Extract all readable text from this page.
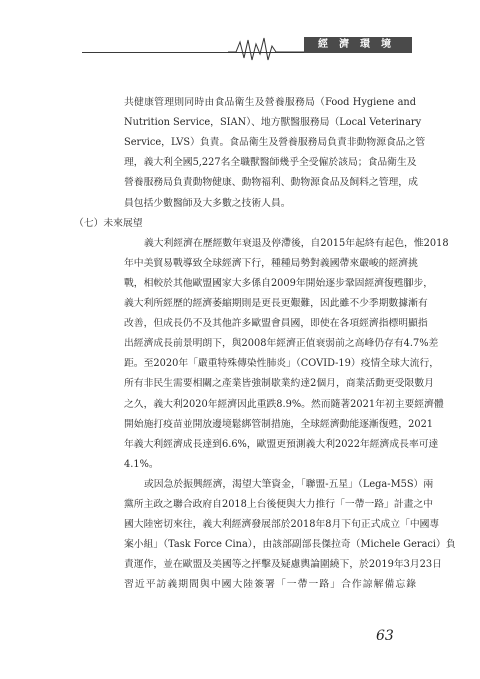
經濟環境
共健康管理則同時由食品衛生及營養服務局（Food Hygiene and
Nutrition Service，SIAN）、地方獸醫服務局（Local Veterinary
Service，LVS）負責。食品衛生及營養服務局負責非動物源食品之管
理，義大利全國5,227名全職獸醫師幾乎全受僱於該局；食品衛生及
營養服務局負責動物健康、動物福利、動物源食品及飼料之管理，成
員包括少數醫師及大多數之技術人員。
（七）未來展望
義大利經濟在歷經數年衰退及停滯後，自2015年起終有起色，惟2018
年中美貿易戰導致全球經濟下行，種種局勢對義國帶來嚴峻的經濟挑
戰，相較於其他歐盟國家大多係自2009年開始逐步鞏固經濟復甦腳步，
義大利所經歷的經濟萎縮期則是更長更艱難，因此雖不少季期數據漸有
改善，但成長仍不及其他許多歐盟會員國，即使在各項經濟指標明顯指
出經濟成長前景明朗下，與2008年經濟正值衰弱前之高峰仍存有4.7%差
距。至2020年「嚴重特殊傳染性肺炎」（COVID-19）疫情全球大流行，
所有非民生需要相關之產業皆強制歇業約達2個月，商業活動更受限數月
之久，義大利2020年經濟因此重跌8.9%。然而隨著2021年初主要經濟體
開始施打疫苗並開放邊境鬆綁管制措施，全球經濟動能逐漸復甦，2021
年義大利經濟成長達到6.6%，歐盟更預測義大利2022年經濟成長率可達
4.1%。
或因急於振興經濟，渴望大筆資金，「聯盟-五星」（Lega-M5S）兩
黨所主政之聯合政府自2018上台後便與大力推行「一帶一路」計畫之中
國大陸密切來往，義大利經濟發展部於2018年8月下旬正式成立「中國專
案小組」（Task Force Cina），由該部副部長傑拉奇（Michele Geraci）負
責運作，並在歐盟及美國等之抨擊及疑慮輿論圍繞下，於2019年3月23日
習近平訪義期間與中國大陸簽署「一帶一路」合作諒解備忘錄
63
